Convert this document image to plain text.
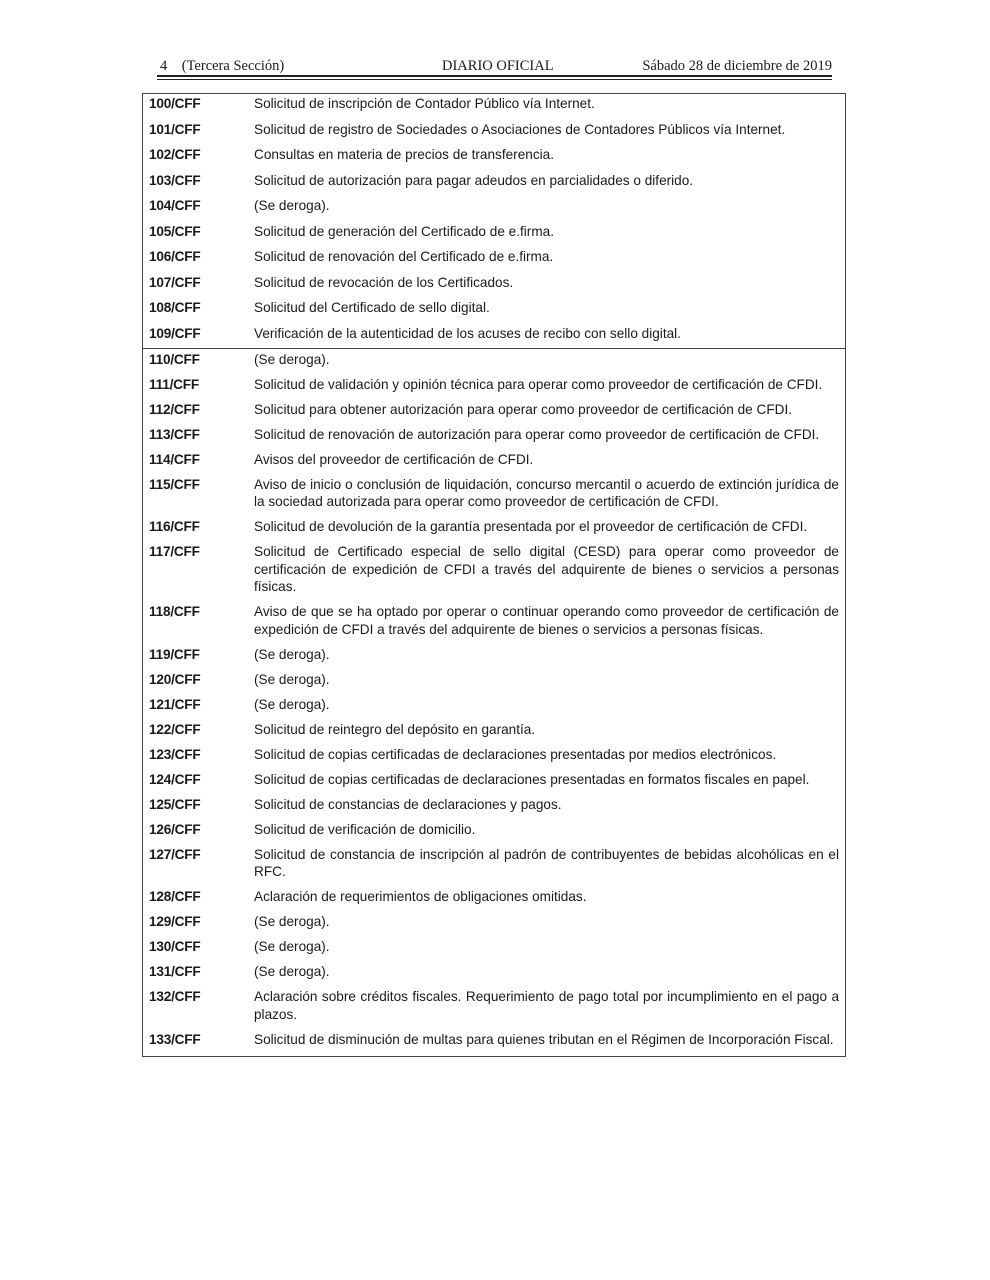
4 (Tercera Sección)	DIARIO OFICIAL	Sábado 28 de diciembre de 2019
100/CFF	Solicitud de inscripción de Contador Público vía Internet.
101/CFF	Solicitud de registro de Sociedades o Asociaciones de Contadores Públicos vía Internet.
102/CFF	Consultas en materia de precios de transferencia.
103/CFF	Solicitud de autorización para pagar adeudos en parcialidades o diferido.
104/CFF	(Se deroga).
105/CFF	Solicitud de generación del Certificado de e.firma.
106/CFF	Solicitud de renovación del Certificado de e.firma.
107/CFF	Solicitud de revocación de los Certificados.
108/CFF	Solicitud del Certificado de sello digital.
109/CFF	Verificación de la autenticidad de los acuses de recibo con sello digital.
110/CFF	(Se deroga).
111/CFF	Solicitud de validación y opinión técnica para operar como proveedor de certificación de CFDI.
112/CFF	Solicitud para obtener autorización para operar como proveedor de certificación de CFDI.
113/CFF	Solicitud de renovación de autorización para operar como proveedor de certificación de CFDI.
114/CFF	Avisos del proveedor de certificación de CFDI.
115/CFF	Aviso de inicio o conclusión de liquidación, concurso mercantil o acuerdo de extinción jurídica de la sociedad autorizada para operar como proveedor de certificación de CFDI.
116/CFF	Solicitud de devolución de la garantía presentada por el proveedor de certificación de CFDI.
117/CFF	Solicitud de Certificado especial de sello digital (CESD) para operar como proveedor de certificación de expedición de CFDI a través del adquirente de bienes o servicios a personas físicas.
118/CFF	Aviso de que se ha optado por operar o continuar operando como proveedor de certificación de expedición de CFDI a través del adquirente de bienes o servicios a personas físicas.
119/CFF	(Se deroga).
120/CFF	(Se deroga).
121/CFF	(Se deroga).
122/CFF	Solicitud de reintegro del depósito en garantía.
123/CFF	Solicitud de copias certificadas de declaraciones presentadas por medios electrónicos.
124/CFF	Solicitud de copias certificadas de declaraciones presentadas en formatos fiscales en papel.
125/CFF	Solicitud de constancias de declaraciones y pagos.
126/CFF	Solicitud de verificación de domicilio.
127/CFF	Solicitud de constancia de inscripción al padrón de contribuyentes de bebidas alcohólicas en el RFC.
128/CFF	Aclaración de requerimientos de obligaciones omitidas.
129/CFF	(Se deroga).
130/CFF	(Se deroga).
131/CFF	(Se deroga).
132/CFF	Aclaración sobre créditos fiscales. Requerimiento de pago total por incumplimiento en el pago a plazos.
133/CFF	Solicitud de disminución de multas para quienes tributan en el Régimen de Incorporación Fiscal.
